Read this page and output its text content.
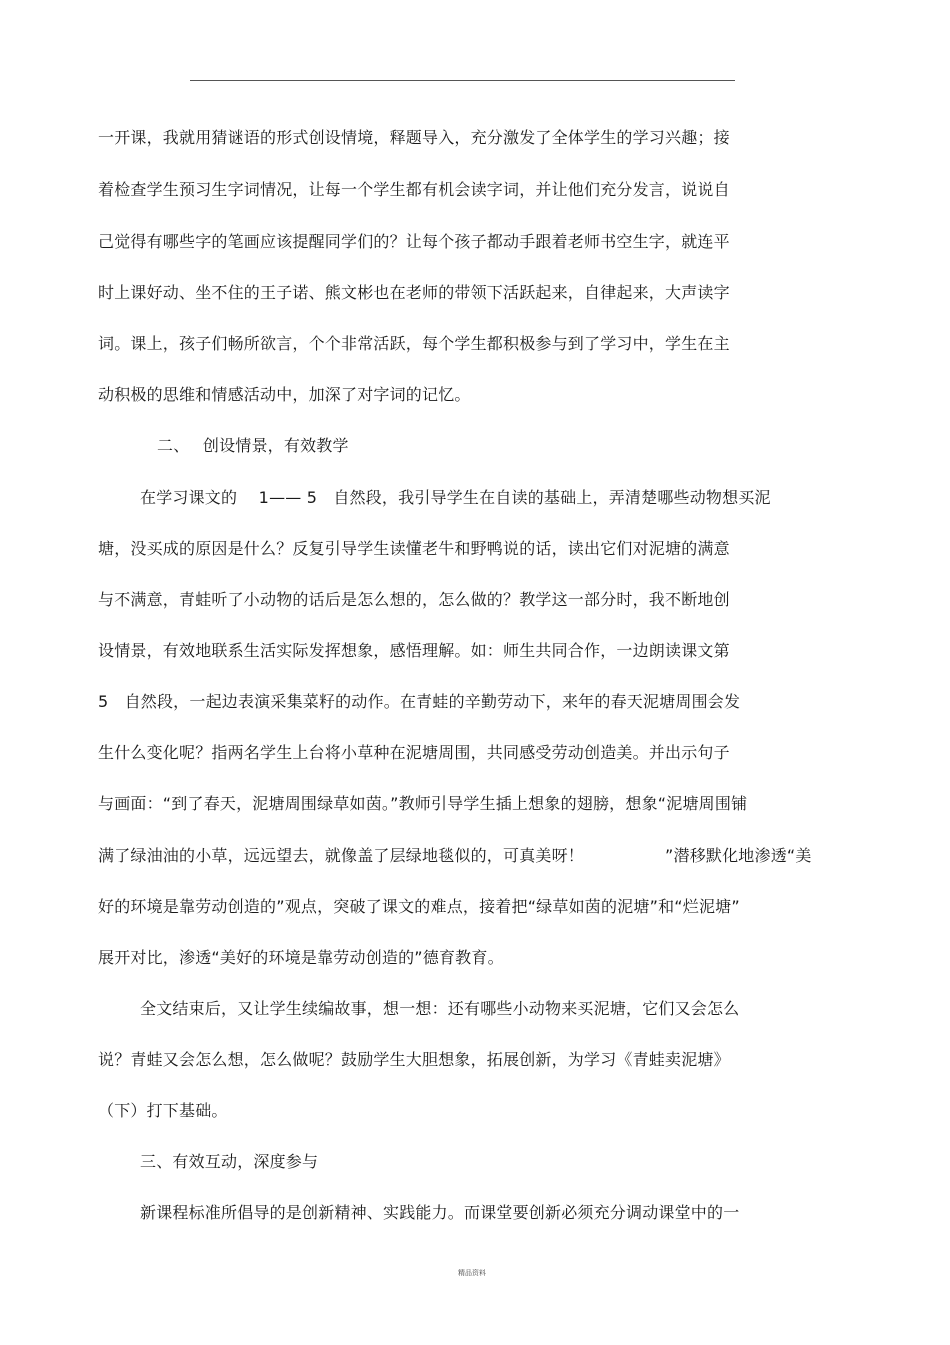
一开课，我就用猜谜语的形式创设情境，释题导入，充分激发了全体学生的学习兴趣；接
着检查学生预习生字词情况，让每一个学生都有机会读字词，并让他们充分发言，说说自
己觉得有哪些字的笔画应该提醒同学们的？让每个孩子都动手跟着老师书空生字，就连平
时上课好动、坐不住的王子诺、熊文彬也在老师的带领下活跃起来，自律起来，大声读字
词。课上，孩子们畅所欲言，个个非常活跃，每个学生都积极参与到了学习中，学生在主
动积极的思维和情感活动中，加深了对字词的记忆。
二、　 创设情景，有效教学
在学习课文的　 1—— 5　自然段，我引导学生在自读的基础上，弄清楚哪些动物想买泥
塘，没买成的原因是什么？反复引导学生读懂老牛和野鸭说的话，读出它们对泥塘的满意
与不满意，青蛙听了小动物的话后是怎么想的，怎么做的？教学这一部分时，我不断地创
设情景，有效地联系生活实际发挥想象，感悟理解。如：师生共同合作，一边朗读课文第
5　自然段，一起边表演采集菜籽的动作。在青蛙的辛勤劳动下，来年的春天泥塘周围会发
生什么变化呢？指两名学生上台将小草种在泥塘周围，共同感受劳动创造美。并出示句子
与画面：“到了春天，泥塘周围绿草如茵。”教师引导学生插上想象的翅膀，想象“泥塘周围铺
满了绿油油的小草，远远望去，就像盖了层绿地毯似的，可真美呀！　　　　　”潜移默化地渗透“美
好的环境是靠劳动创造的”观点，突破了课文的难点，接着把“绿草如茵的泥塘”和“烂泥塘”
展开对比，渗透“美好的环境是靠劳动创造的”德育教育。
全文结束后，又让学生续编故事，想一想：还有哪些小动物来买泥塘，它们又会怎么
说？青蛙又会怎么想，怎么做呢？鼓励学生大胆想象，拓展创新，为学习《青蛙卖泥塘》
（下）打下基础。
三、有效互动，深度参与
新课程标准所倡导的是创新精神、实践能力。而课堂要创新必须充分调动课堂中的一
精品资料
